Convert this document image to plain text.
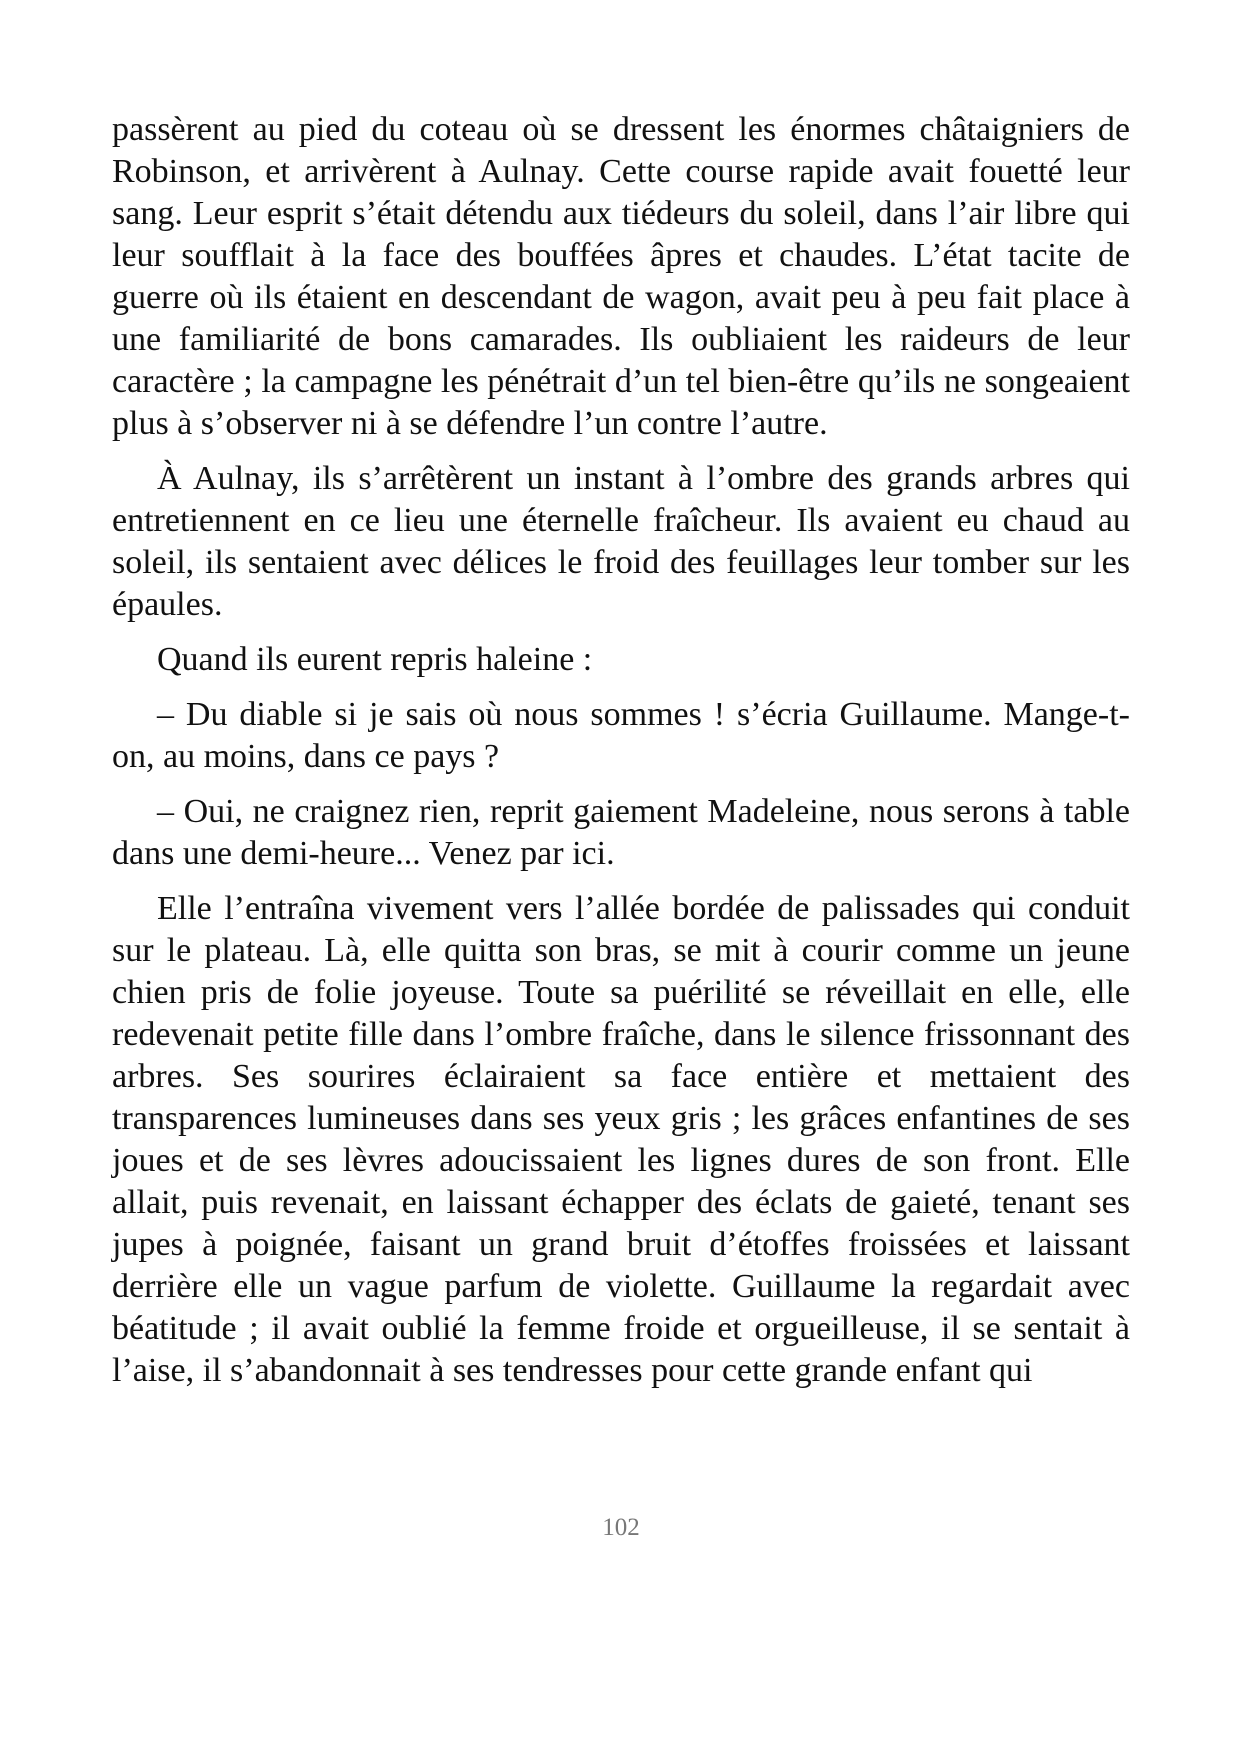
passèrent au pied du coteau où se dressent les énormes châtaigniers de Robinson, et arrivèrent à Aulnay. Cette course rapide avait fouetté leur sang. Leur esprit s’était détendu aux tiédeurs du soleil, dans l’air libre qui leur soufflait à la face des bouffées âpres et chaudes. L’état tacite de guerre où ils étaient en descendant de wagon, avait peu à peu fait place à une familiarité de bons camarades. Ils oubliaient les raideurs de leur caractère ; la campagne les pénétrait d’un tel bien-être qu’ils ne songeaient plus à s’observer ni à se défendre l’un contre l’autre.

À Aulnay, ils s’arrêtèrent un instant à l’ombre des grands arbres qui entretiennent en ce lieu une éternelle fraîcheur. Ils avaient eu chaud au soleil, ils sentaient avec délices le froid des feuillages leur tomber sur les épaules.

Quand ils eurent repris haleine :

– Du diable si je sais où nous sommes ! s’écria Guillaume. Mange-t-on, au moins, dans ce pays ?

– Oui, ne craignez rien, reprit gaiement Madeleine, nous serons à table dans une demi-heure... Venez par ici.

Elle l’entraîna vivement vers l’allée bordée de palissades qui conduit sur le plateau. Là, elle quitta son bras, se mit à courir comme un jeune chien pris de folie joyeuse. Toute sa puérilité se réveillait en elle, elle redevenait petite fille dans l’ombre fraîche, dans le silence frissonnant des arbres. Ses sourires éclairaient sa face entière et mettaient des transparences lumineuses dans ses yeux gris ; les grâces enfantines de ses joues et de ses lèvres adoucissaient les lignes dures de son front. Elle allait, puis revenait, en laissant échapper des éclats de gaieté, tenant ses jupes à poignée, faisant un grand bruit d’étoffes froissées et laissant derrière elle un vague parfum de violette. Guillaume la regardait avec béatitude ; il avait oublié la femme froide et orgueilleuse, il se sentait à l’aise, il s’abandonnait à ses tendresses pour cette grande enfant qui

102
